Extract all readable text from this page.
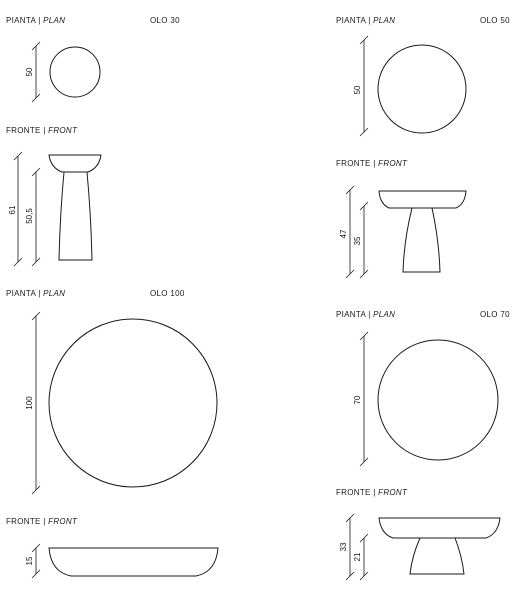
PIANTA | PLAN	OLO 30
50
FRONTE | FRONT
61 50,5
PIANTA | PLAN	OLO 50
50
FRONTE | FRONT
47
35
PIANTA | PLAN	OLO 100
100
FRONTE | FRONT
15
PIANTA | PLAN	OLO 70
70
FRONTE | FRONT
33
21
